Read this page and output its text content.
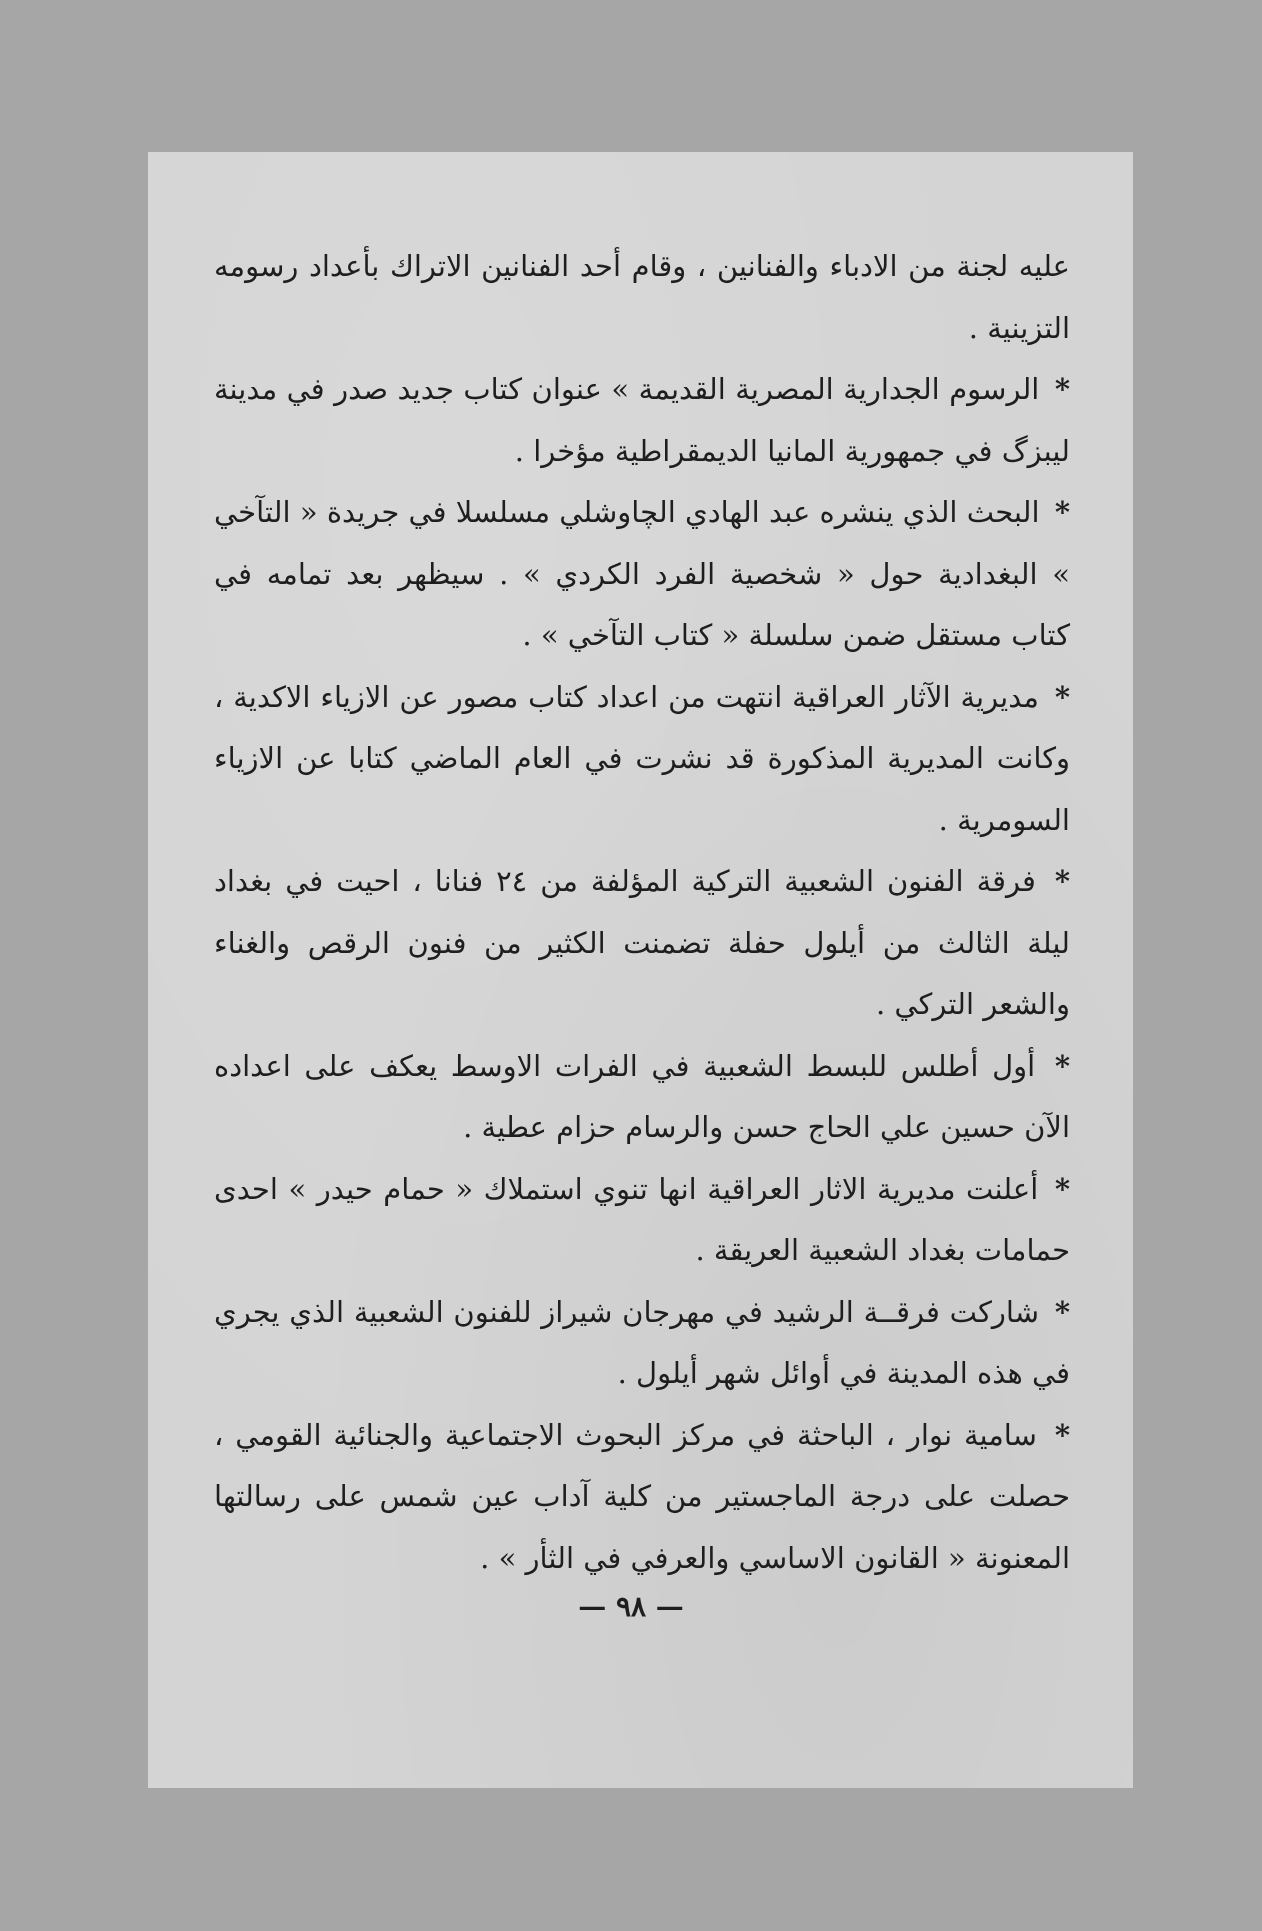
عليه لجنة من الادباء والفنانين ، وقام أحد الفنانين الاتراك بأعداد رسومه التزينية .

* الرسوم الجدارية المصرية القديمة » عنوان كتاب جديد صدر في مدينة ليبزگ في جمهورية المانيا الديمقراطية مؤخرا .

* البحث الذي ينشره عبد الهادي الچاوشلي مسلسلا في جريدة « التآخي » البغدادية حول « شخصية الفرد الكردي » . سيظهر بعد تمامه في كتاب مستقل ضمن سلسلة « كتاب التآخي » .

* مديرية الآثار العراقية انتهت من اعداد كتاب مصور عن الازياء الاكدية ، وكانت المديرية المذكورة قد نشرت في العام الماضي كتابا عن الازياء السومرية .

* فرقة الفنون الشعبية التركية المؤلفة من ٢٤ فنانا ، احيت في بغداد ليلة الثالث من أيلول حفلة تضمنت الكثير من فنون الرقص والغناء والشعر التركي .

* أول أطلس للبسط الشعبية في الفرات الاوسط يعكف على اعداده الآن حسين علي الحاج حسن والرسام حزام عطية .

* أعلنت مديرية الاثار العراقية انها تنوي استملاك « حمام حيدر » احدى حمامات بغداد الشعبية العريقة .

* شاركت فرقــة الرشيد في مهرجان شيراز للفنون الشعبية الذي يجري في هذه المدينة في أوائل شهر أيلول .

* سامية نوار ، الباحثة في مركز البحوث الاجتماعية والجنائية القومي ، حصلت على درجة الماجستير من كلية آداب عين شمس على رسالتها المعنونة « القانون الاساسي والعرفي في الثأر » .

— ٩٨ —
